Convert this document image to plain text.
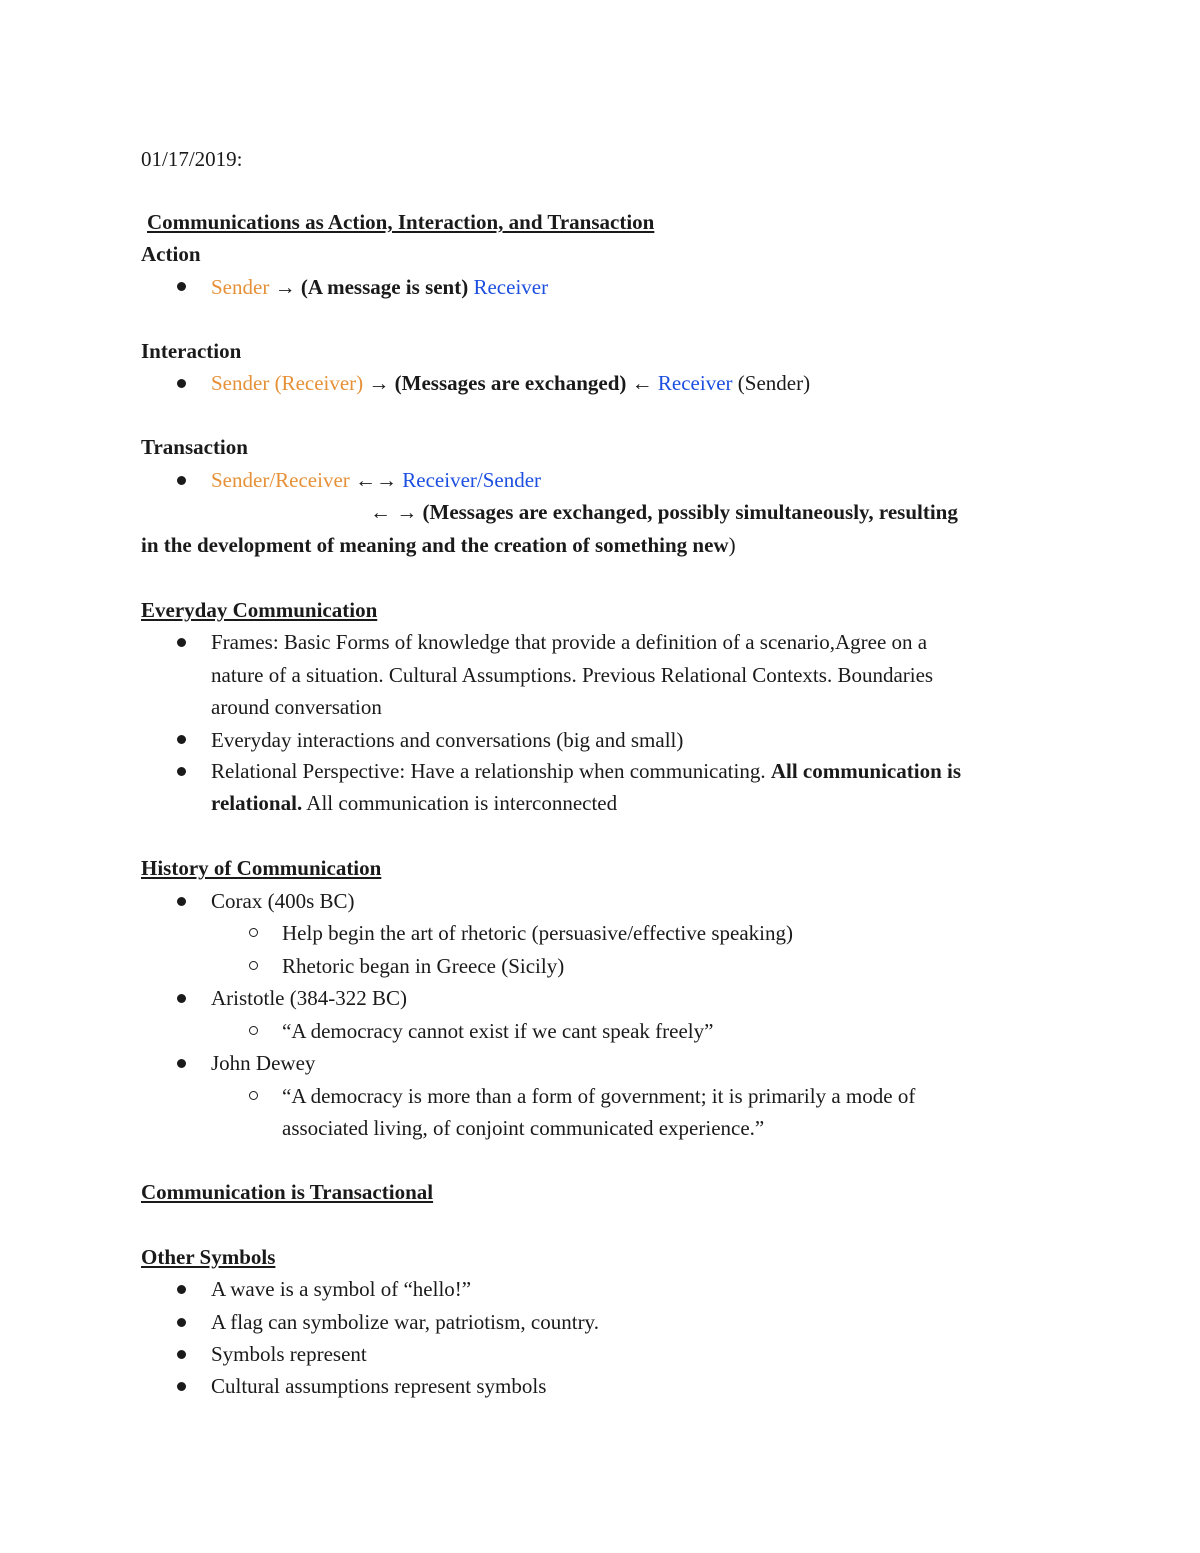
01/17/2019:
Communications as Action, Interaction, and Transaction
Action
Sender → (A message is sent) Receiver
Interaction
Sender (Receiver) → (Messages are exchanged) ← Receiver (Sender)
Transaction
Sender/Receiver ←→ Receiver/Sender
← → (Messages are exchanged, possibly simultaneously, resulting
in the development of meaning and the creation of something new)
Everyday Communication
Frames: Basic Forms of knowledge that provide a definition of a scenario,Agree on a
nature of a situation. Cultural Assumptions. Previous Relational Contexts. Boundaries
around conversation
Everyday interactions and conversations (big and small)
Relational Perspective: Have a relationship when communicating. All communication is
relational. All communication is interconnected
History of Communication
Corax (400s BC)
Help begin the art of rhetoric (persuasive/effective speaking)
Rhetoric began in Greece (Sicily)
Aristotle (384-322 BC)
“A democracy cannot exist if we cant speak freely”
John Dewey
“A democracy is more than a form of government; it is primarily a mode of
associated living, of conjoint communicated experience.”
Communication is Transactional
Other Symbols
A wave is a symbol of “hello!”
A flag can symbolize war, patriotism, country.
Symbols represent
Cultural assumptions represent symbols
